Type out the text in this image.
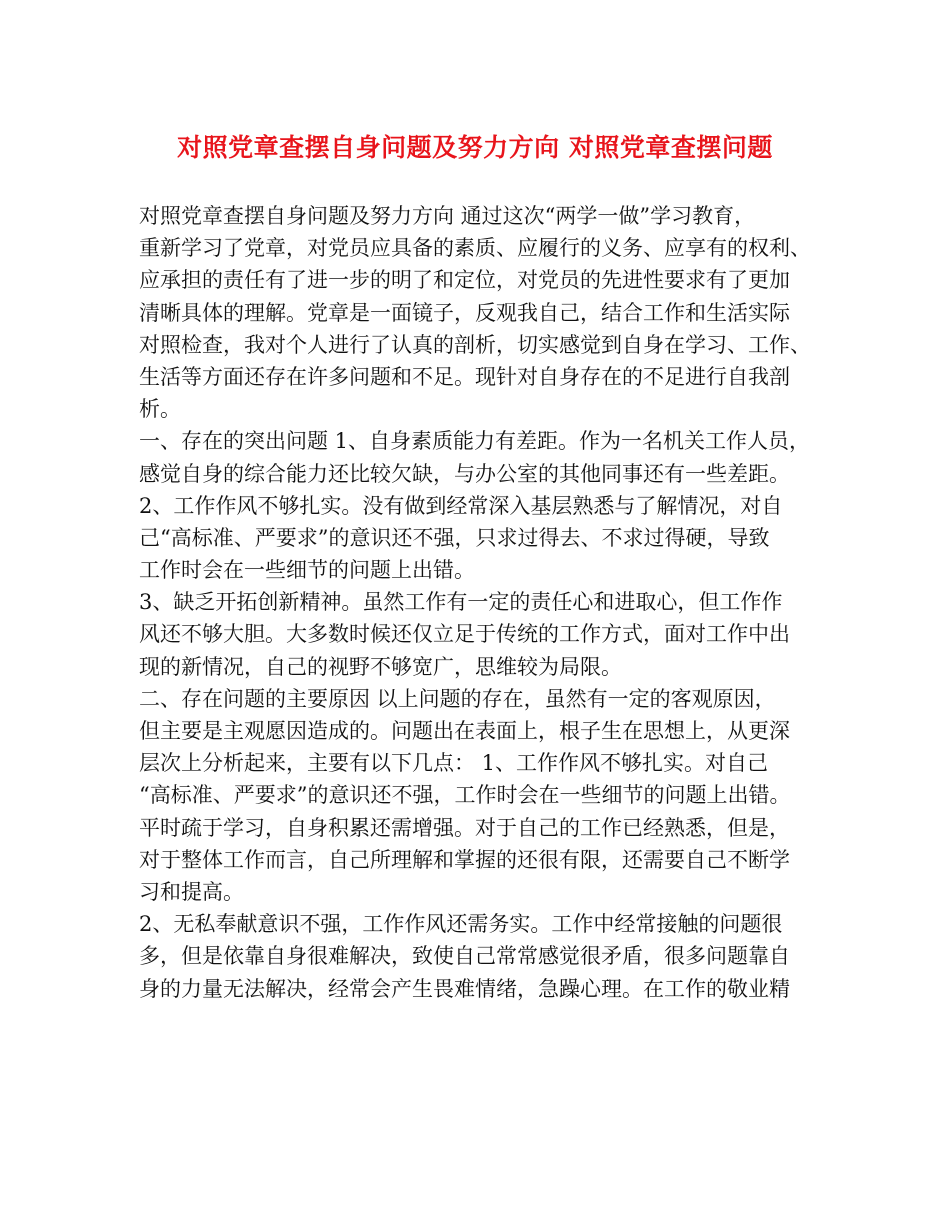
对照党章查摆自身问题及努力方向 对照党章查摆问题
对照党章查摆自身问题及努力方向 通过这次“两学一做”学习教育，
重新学习了党章，对党员应具备的素质、应履行的义务、应享有的权利、
应承担的责任有了进一步的明了和定位，对党员的先进性要求有了更加
清晰具体的理解。党章是一面镜子，反观我自己，结合工作和生活实际
对照检查，我对个人进行了认真的剖析，切实感觉到自身在学习、工作、
生活等方面还存在许多问题和不足。现针对自身存在的不足进行自我剖
析。
一、存在的突出问题 1、自身素质能力有差距。作为一名机关工作人员，
感觉自身的综合能力还比较欠缺，与办公室的其他同事还有一些差距。
2、工作作风不够扎实。没有做到经常深入基层熟悉与了解情况，对自
己“高标准、严要求”的意识还不强，只求过得去、不求过得硬，导致
工作时会在一些细节的问题上出错。
3、缺乏开拓创新精神。虽然工作有一定的责任心和进取心，但工作作
风还不够大胆。大多数时候还仅立足于传统的工作方式，面对工作中出
现的新情况，自己的视野不够宽广，思维较为局限。
二、存在问题的主要原因 以上问题的存在，虽然有一定的客观原因，
但主要是主观愿因造成的。问题出在表面上，根子生在思想上，从更深
层次上分析起来，主要有以下几点： 1、工作作风不够扎实。对自己
“高标准、严要求”的意识还不强，工作时会在一些细节的问题上出错。
平时疏于学习，自身积累还需增强。对于自己的工作已经熟悉，但是，
对于整体工作而言，自己所理解和掌握的还很有限，还需要自己不断学
习和提高。
2、无私奉献意识不强，工作作风还需务实。工作中经常接触的问题很
多，但是依靠自身很难解决，致使自己常常感觉很矛盾，很多问题靠自
身的力量无法解决，经常会产生畏难情绪，急躁心理。在工作的敬业精
